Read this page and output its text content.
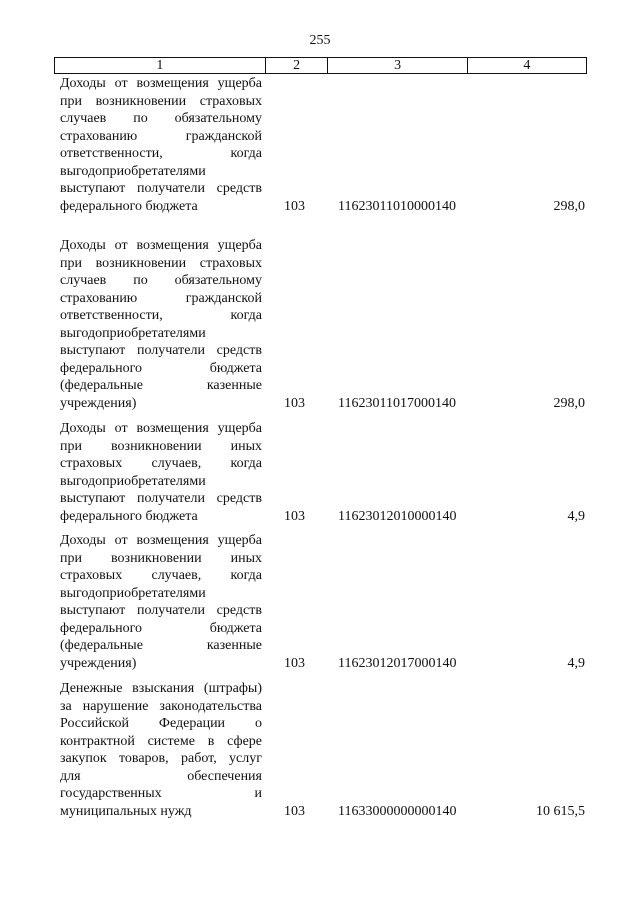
255
1	2	3	4
Доходы от возмещения ущерба
при возникновении страховых
случаев по обязательному
страхованию гражданской
ответственности, когда
выгодоприобретателями
выступают получатели средств
федерального бюджета	103 11623011010000140	298,0
Доходы от возмещения ущерба
при возникновении страховых
случаев по обязательному
страхованию гражданской
ответственности, когда
выгодоприобретателями
выступают получатели средств
федерального бюджета
(федеральные казенные
учреждения)	103 11623011017000140	298,0
Доходы от возмещения ущерба
при возникновении иных
страховых случаев, когда
выгодоприобретателями
выступают получатели средств
федерального бюджета	103 11623012010000140	4,9
Доходы от возмещения ущерба
при возникновении иных
страховых случаев, когда
выгодоприобретателями
выступают получатели средств
федерального бюджета
(федеральные казенные
учреждения)	103 11623012017000140	4,9
Денежные взыскания (штрафы)
за нарушение законодательства
Российской Федерации о
контрактной системе в сфере
закупок товаров, работ, услуг
для обеспечения
государственных и
муниципальных нужд	103 11633000000000140	10 615,5
